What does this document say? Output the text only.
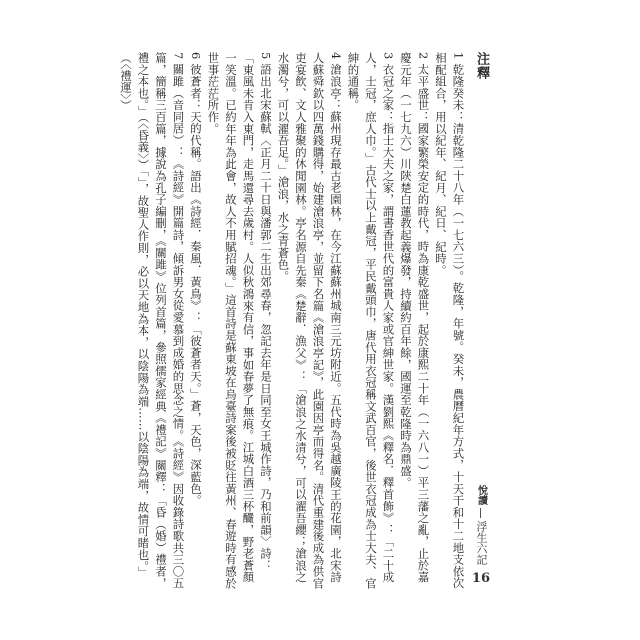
注釋

1 乾隆癸未：清乾隆二十八年（一七六三）。乾隆，年號。癸未，農曆紀年方式，十天干和十二地支依次相配組合，用以紀年、紀月、紀日、紀時。

2 太平盛世：國家繁榮安定的時代，時為康乾盛世，起於康熙二十年（一六八一）平三藩之亂，止於嘉慶元年（一七九六）川陝楚白蓮教起義爆發，持續約百年餘，國運至乾隆時為鼎盛。

3 衣冠之家：指士大夫之家，謂書香世代的富貴人家或官紳世家。漢劉熙《釋名．釋首飾》：「二十成人，士冠，庶人巾。」古代士以上戴冠，平民戴頭巾，唐代用衣冠稱文武百官，後世衣冠成為士大夫、官紳的通稱。

4 滄浪亭：蘇州現存最古老園林，在今江蘇蘇州城南三元坊附近。五代時為吳越廣陵王的花園，北宋詩人蘇舜欽以四萬錢購得，始建滄浪亭，並留下名篇《滄浪亭記》，此園因亭而得名。清代重建後成為供官吏宴飲、文人雅聚的休閒園林。亭名源自先秦《楚辭．漁父》：「滄浪之水清兮，可以濯吾纓；滄浪之水濁兮，可以濯吾足。」滄浪，水之青蒼色。

5 語出北宋蘇軾〈正月二十日與潘郭二生出郊尋春，忽記去年是日同至女王城作詩，乃和前韻〉詩：「東風未肯入東門，走馬還尋去歲村。人似秋鴻來有信，事如春夢了無痕。江城白酒三杯釅，野老蒼顏一笑溫。已約年年為此會，故人不用賦招魂。」這首詩是蘇東坡在烏臺詩案後被貶往黃州、春遊時有感於世事茫茫所作。

6 彼蒼者：天的代稱。語出《詩經．秦風．黃鳥》：「彼蒼者天。」蒼，天色，深藍色。

7 關雎（音同居）：《詩經》開篇詩，傾訴男女從愛慕到成婚的思念之情。《詩經》因收錄詩歌共三〇五篇，簡稱三百篇，據說為孔子編刪，《關雎》位列首篇，參照儒家經典《禮記》關釋：「昏（婚）禮者，禮之本也。」（〈昏義〉）「」，故聖人作則，必以天地為本，以陰陽為端……以陰陽為端，故情可睹也。」（〈禮運〉）

悅讀
浮生六記
16
